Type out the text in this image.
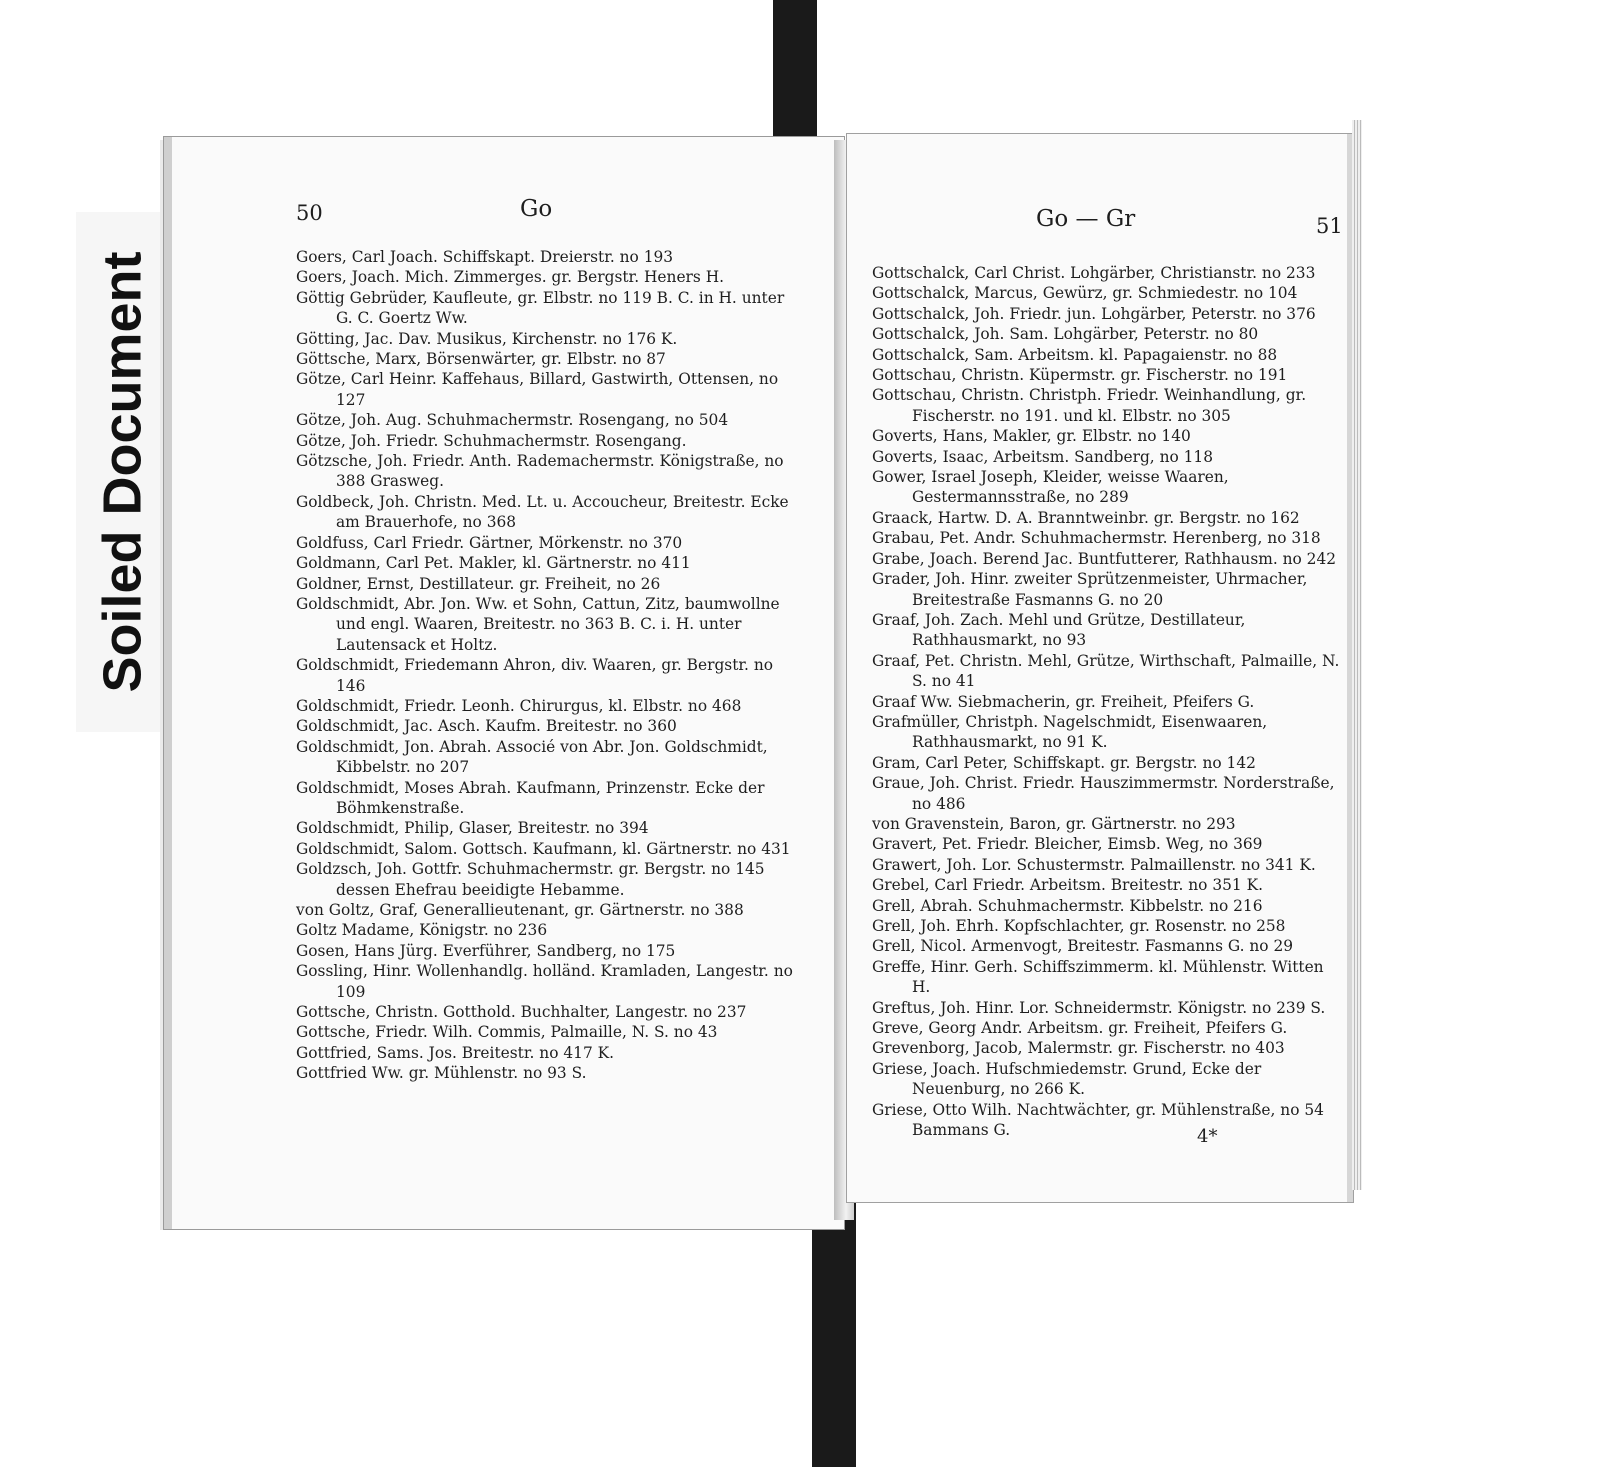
Soiled Document
50	Go	Go — Gr	51

Goers, Carl Joach. Schiffskapt. Dreierstr. no 193

Goers, Joach. Mich. Zimmerges. gr. Bergstr. Heners H.

Göttig Gebrüder, Kaufleute, gr. Elbstr. no 119 B. C. in H. unter G. C. Goertz Ww.

Götting, Jac. Dav. Musikus, Kirchenstr. no 176 K.

Göttsche, Marx, Börsenwärter, gr. Elbstr. no 87

Götze, Carl Heinr. Kaffehaus, Billard, Gastwirth, Ottensen, no 127

Götze, Joh. Aug. Schuhmachermstr. Rosengang, no 504

Götze, Joh. Friedr. Schuhmachermstr. Rosengang.

Götzsche, Joh. Friedr. Anth. Rademachermstr. Königstraße, no 388 Grasweg.

Goldbeck, Joh. Christn. Med. Lt. u. Accoucheur, Breitestr. Ecke am Brauerhofe, no 368

Goldfuss, Carl Friedr. Gärtner, Mörkenstr. no 370

Goldmann, Carl Pet. Makler, kl. Gärtnerstr. no 411

Goldner, Ernst, Destillateur. gr. Freiheit, no 26

Goldschmidt, Abr. Jon. Ww. et Sohn, Cattun, Zitz, baumwollne und engl. Waaren, Breitestr. no 363 B. C. i. H. unter Lautensack et Holtz.

Goldschmidt, Friedemann Ahron, div. Waaren, gr. Bergstr. no 146

Goldschmidt, Friedr. Leonh. Chirurgus, kl. Elbstr. no 468

Goldschmidt, Jac. Asch. Kaufm. Breitestr. no 360

Goldschmidt, Jon. Abrah. Associé von Abr. Jon. Goldschmidt, Kibbelstr. no 207

Goldschmidt, Moses Abrah. Kaufmann, Prinzenstr. Ecke der Böhmkenstraße.

Goldschmidt, Philip, Glaser, Breitestr. no 394

Goldschmidt, Salom. Gottsch. Kaufmann, kl. Gärtnerstr. no 431

Goldzsch, Joh. Gottfr. Schuhmachermstr. gr. Bergstr. no 145 dessen Ehefrau beeidigte Hebamme.

von Goltz, Graf, Generallieutenant, gr. Gärtnerstr. no 388

Goltz Madame, Königstr. no 236

Gosen, Hans Jürg. Everführer, Sandberg, no 175

Gossling, Hinr. Wollenhandlg. holländ. Kramladen, Langestr. no 109

Gottsche, Christn. Gotthold. Buchhalter, Langestr. no 237

Gottsche, Friedr. Wilh. Commis, Palmaille, N. S. no 43

Gottfried, Sams. Jos. Breitestr. no 417 K.

Gottfried Ww. gr. Mühlenstr. no 93 S.

Gottschalck, Carl Christ. Lohgärber, Christianstr. no 233

Gottschalck, Marcus, Gewürz, gr. Schmiedestr. no 104

Gottschalck, Joh. Friedr. jun. Lohgärber, Peterstr. no 376

Gottschalck, Joh. Sam. Lohgärber, Peterstr. no 80

Gottschalck, Sam. Arbeitsm. kl. Papagaienstr. no 88

Gottschau, Christn. Küpermstr. gr. Fischerstr. no 191

Gottschau, Christn. Christph. Friedr. Weinhandlung, gr. Fischerstr. no 191. und kl. Elbstr. no 305

Goverts, Hans, Makler, gr. Elbstr. no 140

Goverts, Isaac, Arbeitsm. Sandberg, no 118

Gower, Israel Joseph, Kleider, weisse Waaren, Gestermannsstraße, no 289

Graack, Hartw. D. A. Branntweinbr. gr. Bergstr. no 162

Grabau, Pet. Andr. Schuhmachermstr. Herenberg, no 318

Grabe, Joach. Berend Jac. Buntfutterer, Rathhausm. no 242

Grader, Joh. Hinr. zweiter Sprützenmeister, Uhrmacher, Breitestraße Fasmanns G. no 20

Graaf, Joh. Zach. Mehl und Grütze, Destillateur, Rathhausmarkt, no 93

Graaf, Pet. Christn. Mehl, Grütze, Wirthschaft, Palmaille, N. S. no 41

Graaf Ww. Siebmacherin, gr. Freiheit, Pfeifers G.

Grafmüller, Christph. Nagelschmidt, Eisenwaaren, Rathhausmarkt, no 91 K.

Gram, Carl Peter, Schiffskapt. gr. Bergstr. no 142

Graue, Joh. Christ. Friedr. Hauszimmermstr. Norderstraße, no 486

von Gravenstein, Baron, gr. Gärtnerstr. no 293

Gravert, Pet. Friedr. Bleicher, Eimsb. Weg, no 369

Grawert, Joh. Lor. Schustermstr. Palmaillenstr. no 341 K.

Grebel, Carl Friedr. Arbeitsm. Breitestr. no 351 K.

Grell, Abrah. Schuhmachermstr. Kibbelstr. no 216

Grell, Joh. Ehrh. Kopfschlachter, gr. Rosenstr. no 258

Grell, Nicol. Armenvogt, Breitestr. Fasmanns G. no 29

Greffe, Hinr. Gerh. Schiffszimmerm. kl. Mühlenstr. Witten H.

Greftus, Joh. Hinr. Lor. Schneidermstr. Königstr. no 239 S.

Greve, Georg Andr. Arbeitsm. gr. Freiheit, Pfeifers G.

Grevenborg, Jacob, Malermstr. gr. Fischerstr. no 403

Griese, Joach. Hufschmiedemstr. Grund, Ecke der Neuenburg, no 266 K.

Griese, Otto Wilh. Nachtwächter, gr. Mühlenstraße, no 54 Bammans G.	4*
